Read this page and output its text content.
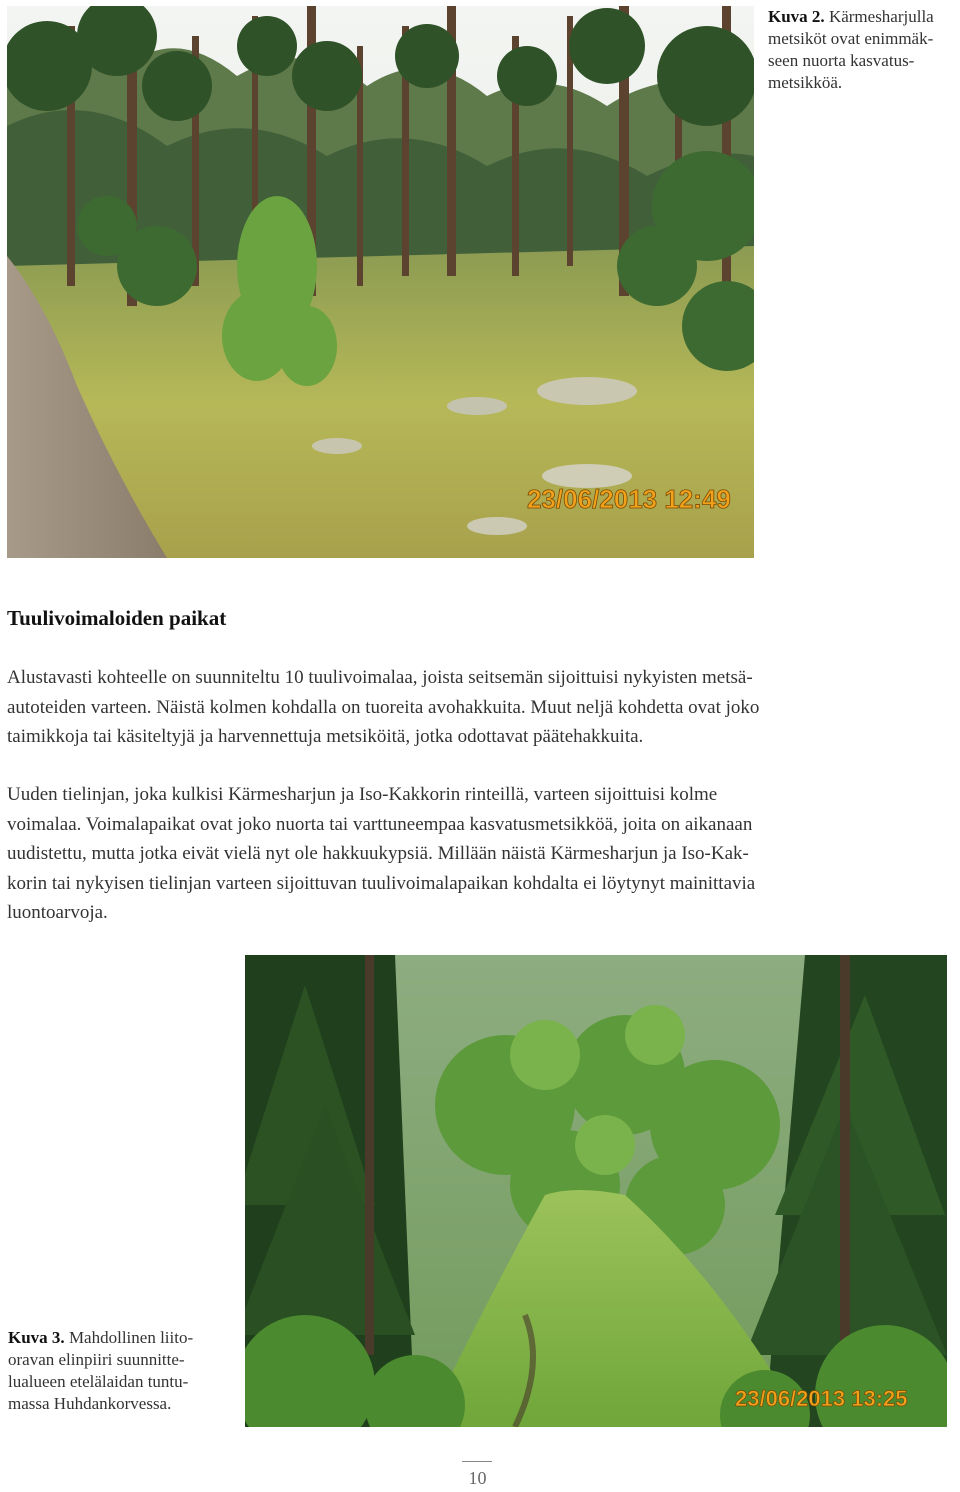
23/06/2013 12:49
Kuva 2. Kärmesharjulla
metsiköt ovat enimmäk-
seen nuorta kasvatus-
metsikköä.
Tuulivoimaloiden paikat

Alustavasti kohteelle on suunniteltu 10 tuulivoimalaa, joista seitsemän sijoittuisi nykyisten metsä-
autoteiden varteen. Näistä kolmen kohdalla on tuoreita avohakkuita. Muut neljä kohdetta ovat joko
taimikkoja tai käsiteltyjä ja harvennettuja metsiköitä, jotka odottavat päätehakkuita.

Uuden tielinjan, joka kulkisi Kärmesharjun ja Iso-Kakkorin rinteillä, varteen sijoittuisi kolme
voimalaa. Voimalapaikat ovat joko nuorta tai varttuneempaa kasvatusmetsikköä, joita on aikanaan
uudistettu, mutta jotka eivät vielä nyt ole hakkuukypsiä. Millään näistä Kärmesharjun ja Iso-Kak-
korin tai nykyisen tielinjan varteen sijoittuvan tuulivoimalapaikan kohdalta ei löytynyt mainittavia
luontoarvoja.

23/06/2013 13:25
Kuva 3. Mahdollinen liito-
oravan elinpiiri suunnitte-
lualueen etelälaidan tuntu-
massa Huhdankorvessa.
10
